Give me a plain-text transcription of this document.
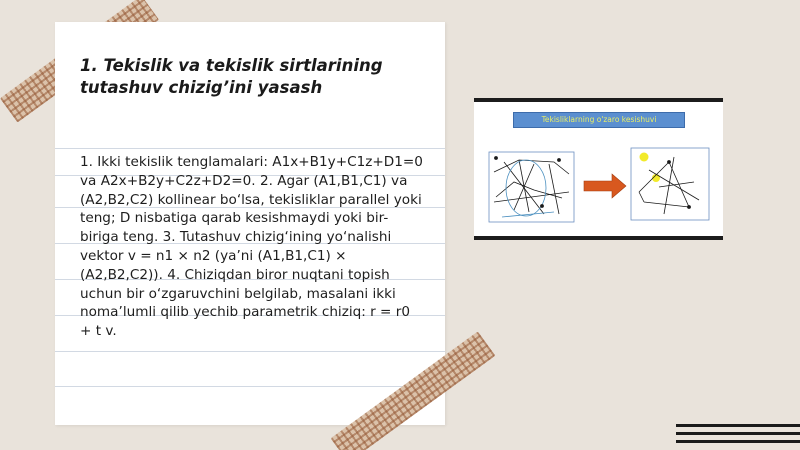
1. Tekislik va tekislik sirtlarining tutashuv chizig’ini yasash

1. Ikki tekislik tenglamalari: A1x+B1y+C1z+D1=0 va A2x+B2y+C2z+D2=0. 2. Agar (A1,B1,C1) va (A2,B2,C2) kollinear bo‘lsa, tekisliklar parallel yoki teng; D nisbatiga qarab kesishmaydi yoki bir-biriga teng. 3. Tutashuv chizig‘ining yo‘nalishi vektor v = n1 × n2 (ya’ni (A1,B1,C1) × (A2,B2,C2)). 4. Chiziqdan biror nuqtani topish uchun bir o‘zgaruvchini belgilab, masalani ikki noma’lumli qilib yechib parametrik chiziq: r = r0 + t v.

Tekisliklarning o'zaro kesishuvi
